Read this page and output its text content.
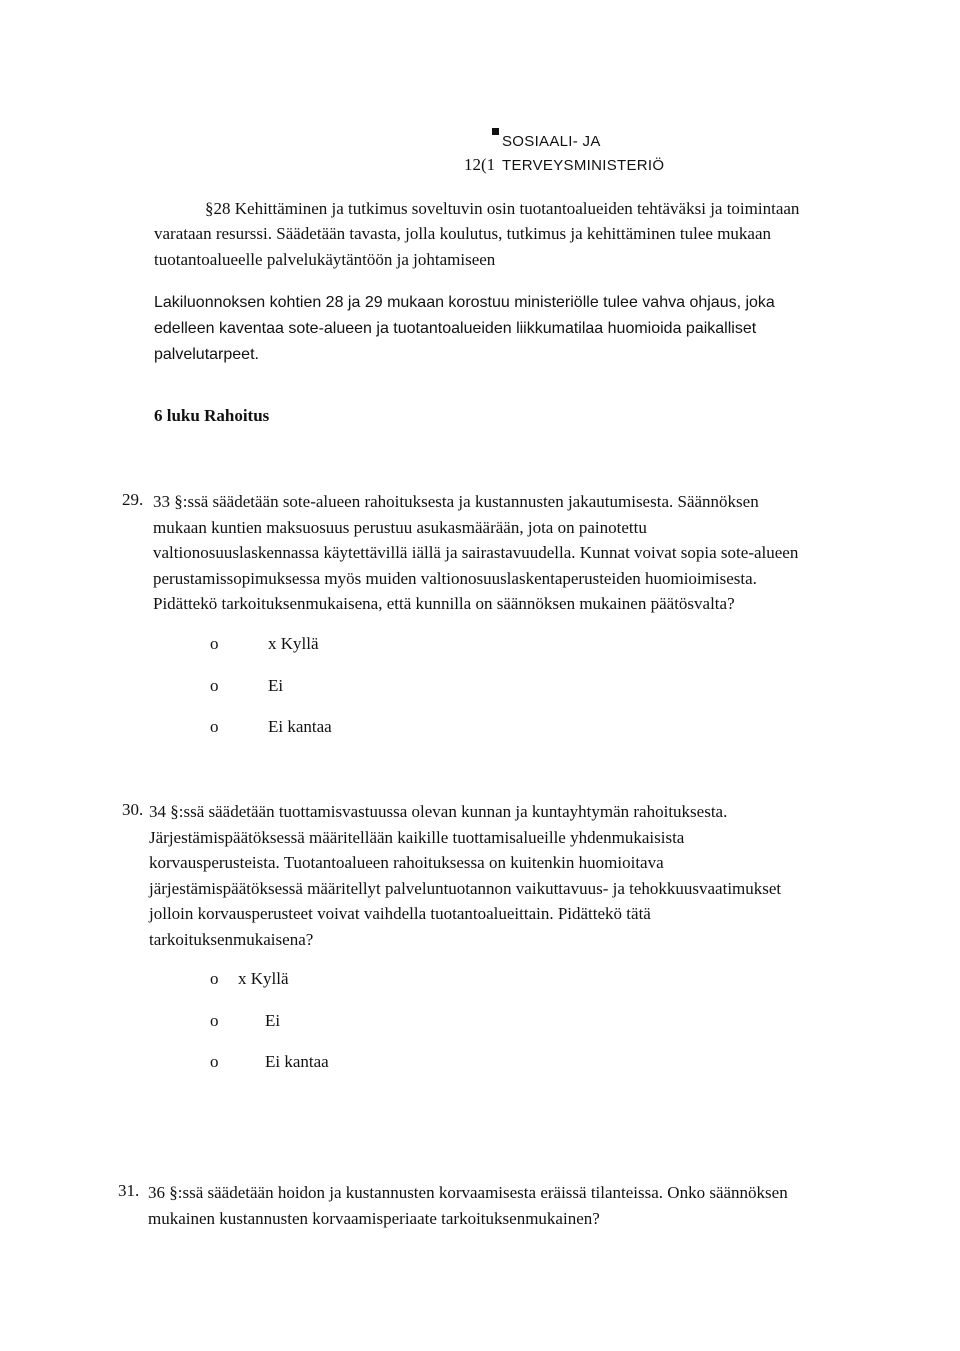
SOSIAALI- JA
12(1 TERVEYSMINISTERIÖ
§28 Kehittäminen ja tutkimus soveltuvin osin tuotantoalueiden tehtäväksi ja toimintaan
varataan resurssi. Säädetään tavasta, jolla koulutus, tutkimus ja kehittäminen tulee mukaan
tuotantoalueelle palvelukäytäntöön ja johtamiseen
Lakiluonnoksen kohtien 28 ja 29 mukaan korostuu ministeriölle tulee vahva ohjaus, joka
edelleen kaventaa sote-alueen ja tuotantoalueiden liikkumatilaa huomioida paikalliset
palvelutarpeet.
6 luku Rahoitus
29. 33 §:ssä säädetään sote-alueen rahoituksesta ja kustannusten jakautumisesta. Säännöksen
mukaan kuntien maksuosuus perustuu asukasmäärään, jota on painotettu
valtionosuuslaskennassa käytettävillä iällä ja sairastavuudella. Kunnat voivat sopia sote-alueen
perustamissopimuksessa myös muiden valtionosuuslaskentaperusteiden huomioimisesta.
Pidättekö tarkoituksenmukaisena, että kunnilla on säännöksen mukainen päätösvalta?
o	x Kyllä
o	Ei
o	Ei kantaa
30. 34 §:ssä säädetään tuottamisvastuussa olevan kunnan ja kuntayhtymän rahoituksesta.
Järjestämispäätöksessä määritellään kaikille tuottamisalueille yhdenmukaisista
korvausperusteista. Tuotantoalueen rahoituksessa on kuitenkin huomioitava
järjestämispäätöksessä määritellyt palveluntuotannon vaikuttavuus- ja tehokkuusvaatimukset
jolloin korvausperusteet voivat vaihdella tuotantoalueittain. Pidättekö tätä
tarkoituksenmukaisena?
o x Kyllä
o	Ei
o	Ei kantaa
31. 36 §:ssä säädetään hoidon ja kustannusten korvaamisesta eräissä tilanteissa. Onko säännöksen
mukainen kustannusten korvaamisperiaate tarkoituksenmukainen?
